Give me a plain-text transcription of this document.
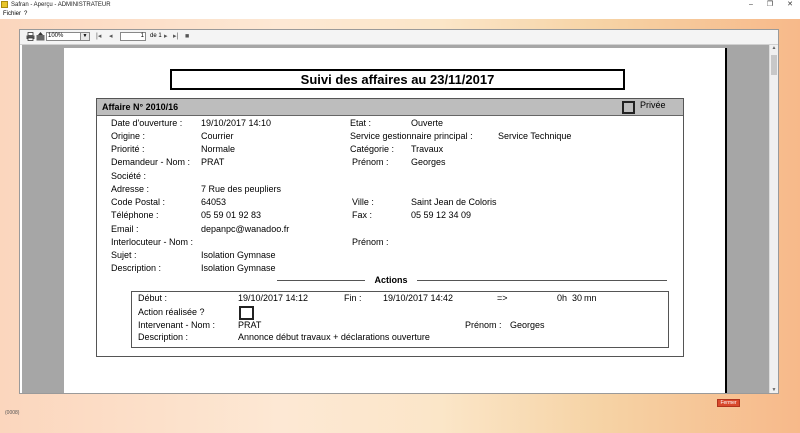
Safran - Aperçu - ADMINISTRATEUR	–	❐	✕
Fichier ?
100%	▼ |◂ ◂	1	de 1 ▸ ▸| ■
Suivi des affaires au 23/11/2017
Affaire N° 2010/16	Privée
Date d'ouverture : 19/10/2017 14:10	Etat :	Ouverte
Origine :	Courrier	Service gestionnaire principal :	Service Technique
Priorité :	Normale	Catégorie : Travaux
Demandeur - Nom : PRAT	Prénom : Georges
Société :
Adresse :	7 Rue des peupliers
Code Postal :	64053	Ville :	Saint Jean de Coloris
Téléphone :	05 59 01 92 83	Fax :	05 59 12 34 09
Email :	depanpc@wanadoo.fr
Interlocuteur - Nom :	Prénom :
Sujet :	Isolation Gymnase
Description :	Isolation Gymnase
Actions
Début :	19/10/2017 14:12	Fin : 19/10/2017 14:42	=>	0h 30 mn
Action réalisée ?
Intervenant - Nom :	PRAT	Prénom : Georges
Description :	Annonce début travaux + déclarations ouverture
▲
▼
(0008)
Fermer
